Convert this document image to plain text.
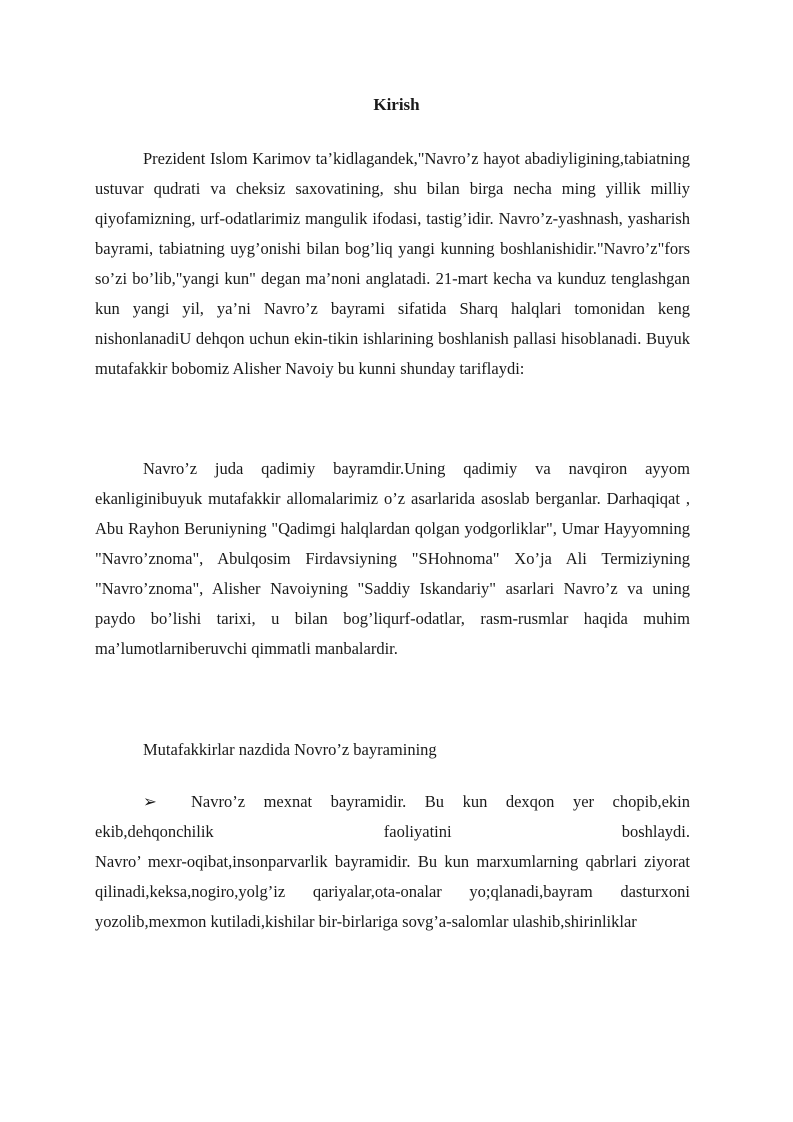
Kirish

Prezident Islom Karimov ta’kidlagandek,"Navro’z hayot abadiyligining,tabiatning ustuvar qudrati va cheksiz saxovatining, shu bilan birga necha ming yillik milliy qiyofamizning, urf-odatlarimiz mangulik ifodasi, tastig’idir. Navro’z-yashnash, yasharish bayrami, tabiatning uyg’onishi bilan bog’liq yangi kunning boshlanishidir."Navro’z"fors so’zi bo’lib,"yangi kun" degan ma’noni anglatadi. 21-mart kecha va kunduz tenglashgan kun yangi yil, ya’ni Navro’z bayrami sifatida Sharq halqlari tomonidan keng nishonlanadiU dehqon uchun ekin-tikin ishlarining boshlanish pallasi hisoblanadi. Buyuk mutafakkir bobomiz Alisher Navoiy bu kunni shunday tariflaydi:

Navro’z juda qadimiy bayramdir.Uning qadimiy va navqiron ayyom ekanliginibuyuk mutafakkir allomalarimiz o’z asarlarida asoslab berganlar. Darhaqiqat , Abu Rayhon Beruniyning "Qadimgi halqlardan qolgan yodgorliklar", Umar Hayyomning "Navro’znoma", Abulqosim Firdavsiyning "SHohnoma" Xo’ja Ali Termiziyning "Navro’znoma", Alisher Navoiyning "Saddiy Iskandariy" asarlari Navro’z va uning paydo bo’lishi tarixi, u bilan bog’liqurf-odatlar, rasm-rusmlar haqida muhim ma’lumotlarniberuvchi qimmatli manbalardir.

Mutafakkirlar nazdida Novro’z bayramining

➢ Navro’z mexnat bayramidir. Bu kun dexqon yer chopib,ekin ekib,dehqonchilik faoliyatini boshlaydi.
Navro’ mexr-oqibat,insonparvarlik bayramidir. Bu kun marxumlarning qabrlari ziyorat qilinadi,keksa,nogiro,yolg’iz qariyalar,ota-onalar yo;qlanadi,bayram dasturxoni yozolib,mexmon kutiladi,kishilar bir-birlariga sovg’a-salomlar ulashib,shirinliklar
